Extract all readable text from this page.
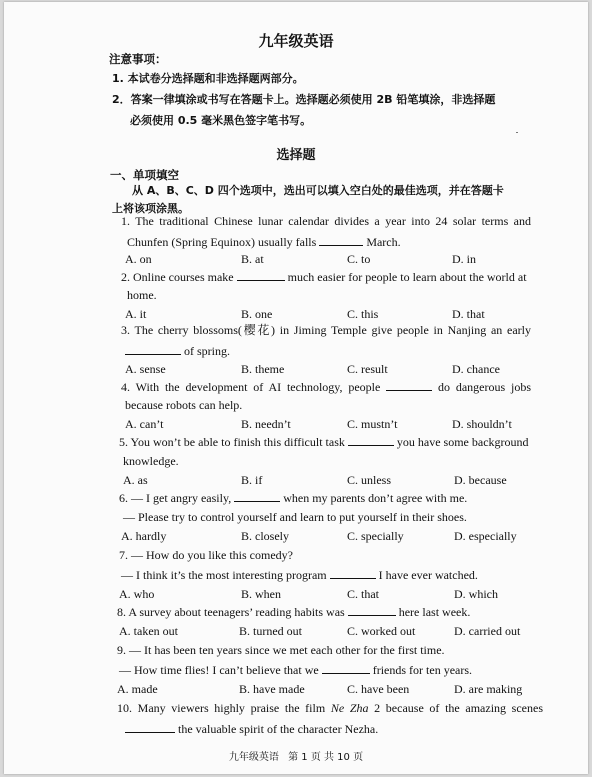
九年级英语
注意事项：
1. 本试卷分选择题和非选择题两部分。
2．答案一律填涂或书写在答题卡上。选择题必须使用 2B 铅笔填涂，非选择题
必须使用 0.5 毫米黑色签字笔书写。
选择题
一、单项填空
从 A、B、C、D 四个选项中，选出可以填入空白处的最佳选项，并在答题卡
上将该项涂黑。
1. The traditional Chinese lunar calendar divides a year into 24 solar terms and
Chunfen (Spring Equinox) usually falls	March.
A. on	B. at	C. to	D. in
2. Online courses make	much easier for people to learn about the world at
home.
A. it	B. one	C. this	D. that
3. The cherry blossoms(樱花) in Jiming Temple give people in Nanjing an early
of spring.
A. sense	B. theme	C. result	D. chance
4. With the development of AI technology, people	do dangerous jobs
because robots can help.
A. can’t	B. needn’t	C. mustn’t	D. shouldn’t
5. You won’t be able to finish this difficult task	you have some background
knowledge.
A. as	B. if	C. unless	D. because
6. — I get angry easily,	when my parents don’t agree with me.
— Please try to control yourself and learn to put yourself in their shoes.
A. hardly	B. closely	C. specially	D. especially
7. — How do you like this comedy?
— I think it’s the most interesting program	I have ever watched.
A. who	B. when	C. that	D. which
8. A survey about teenagers’ reading habits was	here last week.
A. taken out	B. turned out	C. worked out	D. carried out
9. — It has been ten years since we met each other for the first time.
— How time flies! I can’t believe that we	friends for ten years.
A. made	B. have made	C. have been	D. are making
10. Many viewers highly praise the film Ne Zha 2 because of the amazing scenes
the valuable spirit of the character Nezha.
九年级英语 第 1 页 共 10 页
